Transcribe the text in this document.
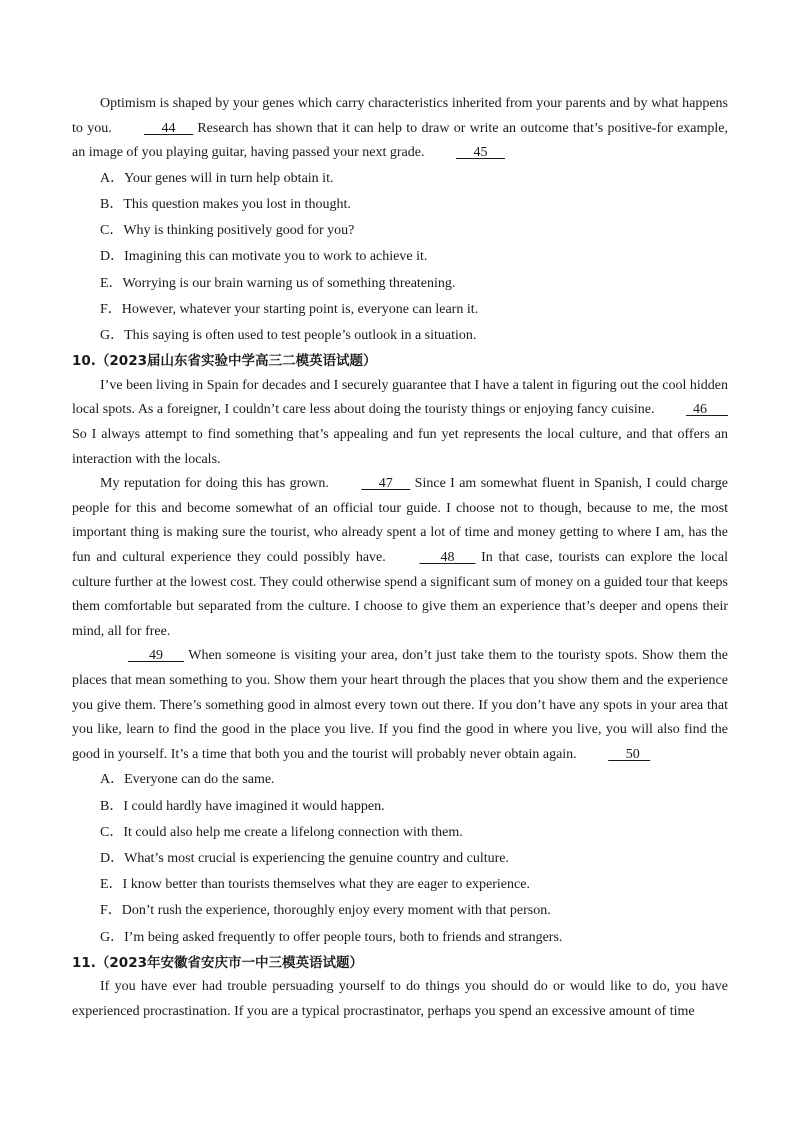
Optimism is shaped by your genes which carry characteristics inherited from your parents and by what happens to you.      44      Research has shown that it can help to draw or write an outcome that’s positive-for example, an image of you playing guitar, having passed your next grade.      45

A．Your genes will in turn help obtain it.
B．This question makes you lost in thought.
C．Why is thinking positively good for you?
D．Imagining this can motivate you to work to achieve it.
E．Worrying is our brain warning us of something threatening.
F．However, whatever your starting point is, everyone can learn it.
G．This saying is often used to test people’s outlook in a situation.

10.（2023届山东省实验中学高三二模英语试题）

I’ve been living in Spain for decades and I securely guarantee that I have a talent in figuring out the cool hidden local spots. As a foreigner, I couldn’t care less about doing the touristy things or enjoying fancy cuisine.   46       So I always attempt to find something that’s appealing and fun yet represents the local culture, and that offers an interaction with the locals.

My reputation for doing this has grown.      47      Since I am somewhat fluent in Spanish, I could charge people for this and become somewhat of an official tour guide. I choose not to though, because to me, the most important thing is making sure the tourist, who already spent a lot of time and money getting to where I am, has the fun and cultural experience they could possibly have.       48       In that case, tourists can explore the local culture further at the lowest cost. They could otherwise spend a significant sum of money on a guided tour that keeps them comfortable but separated from the culture. I choose to give them an experience that’s deeper and opens their mind, all for free.

49       When someone is visiting your area, don’t just take them to the touristy spots. Show them the places that mean something to you. Show them your heart through the places that you show them and the experience you give them. There’s something good in almost every town out there. If you don’t have any spots in your area that you like, learn to find the good in the place you live. If you find the good in where you live, you will also find the good in yourself. It’s a time that both you and the tourist will probably never obtain again.      50

A．Everyone can do the same.
B．I could hardly have imagined it would happen.
C．It could also help me create a lifelong connection with them.
D．What’s most crucial is experiencing the genuine country and culture.
E．I know better than tourists themselves what they are eager to experience.
F．Don’t rush the experience, thoroughly enjoy every moment with that person.
G．I’m being asked frequently to offer people tours, both to friends and strangers.

11.（2023年安徽省安庆市一中三模英语试题）

If you have ever had trouble persuading yourself to do things you should do or would like to do, you have experienced procrastination. If you are a typical procrastinator, perhaps you spend an excessive amount of time
